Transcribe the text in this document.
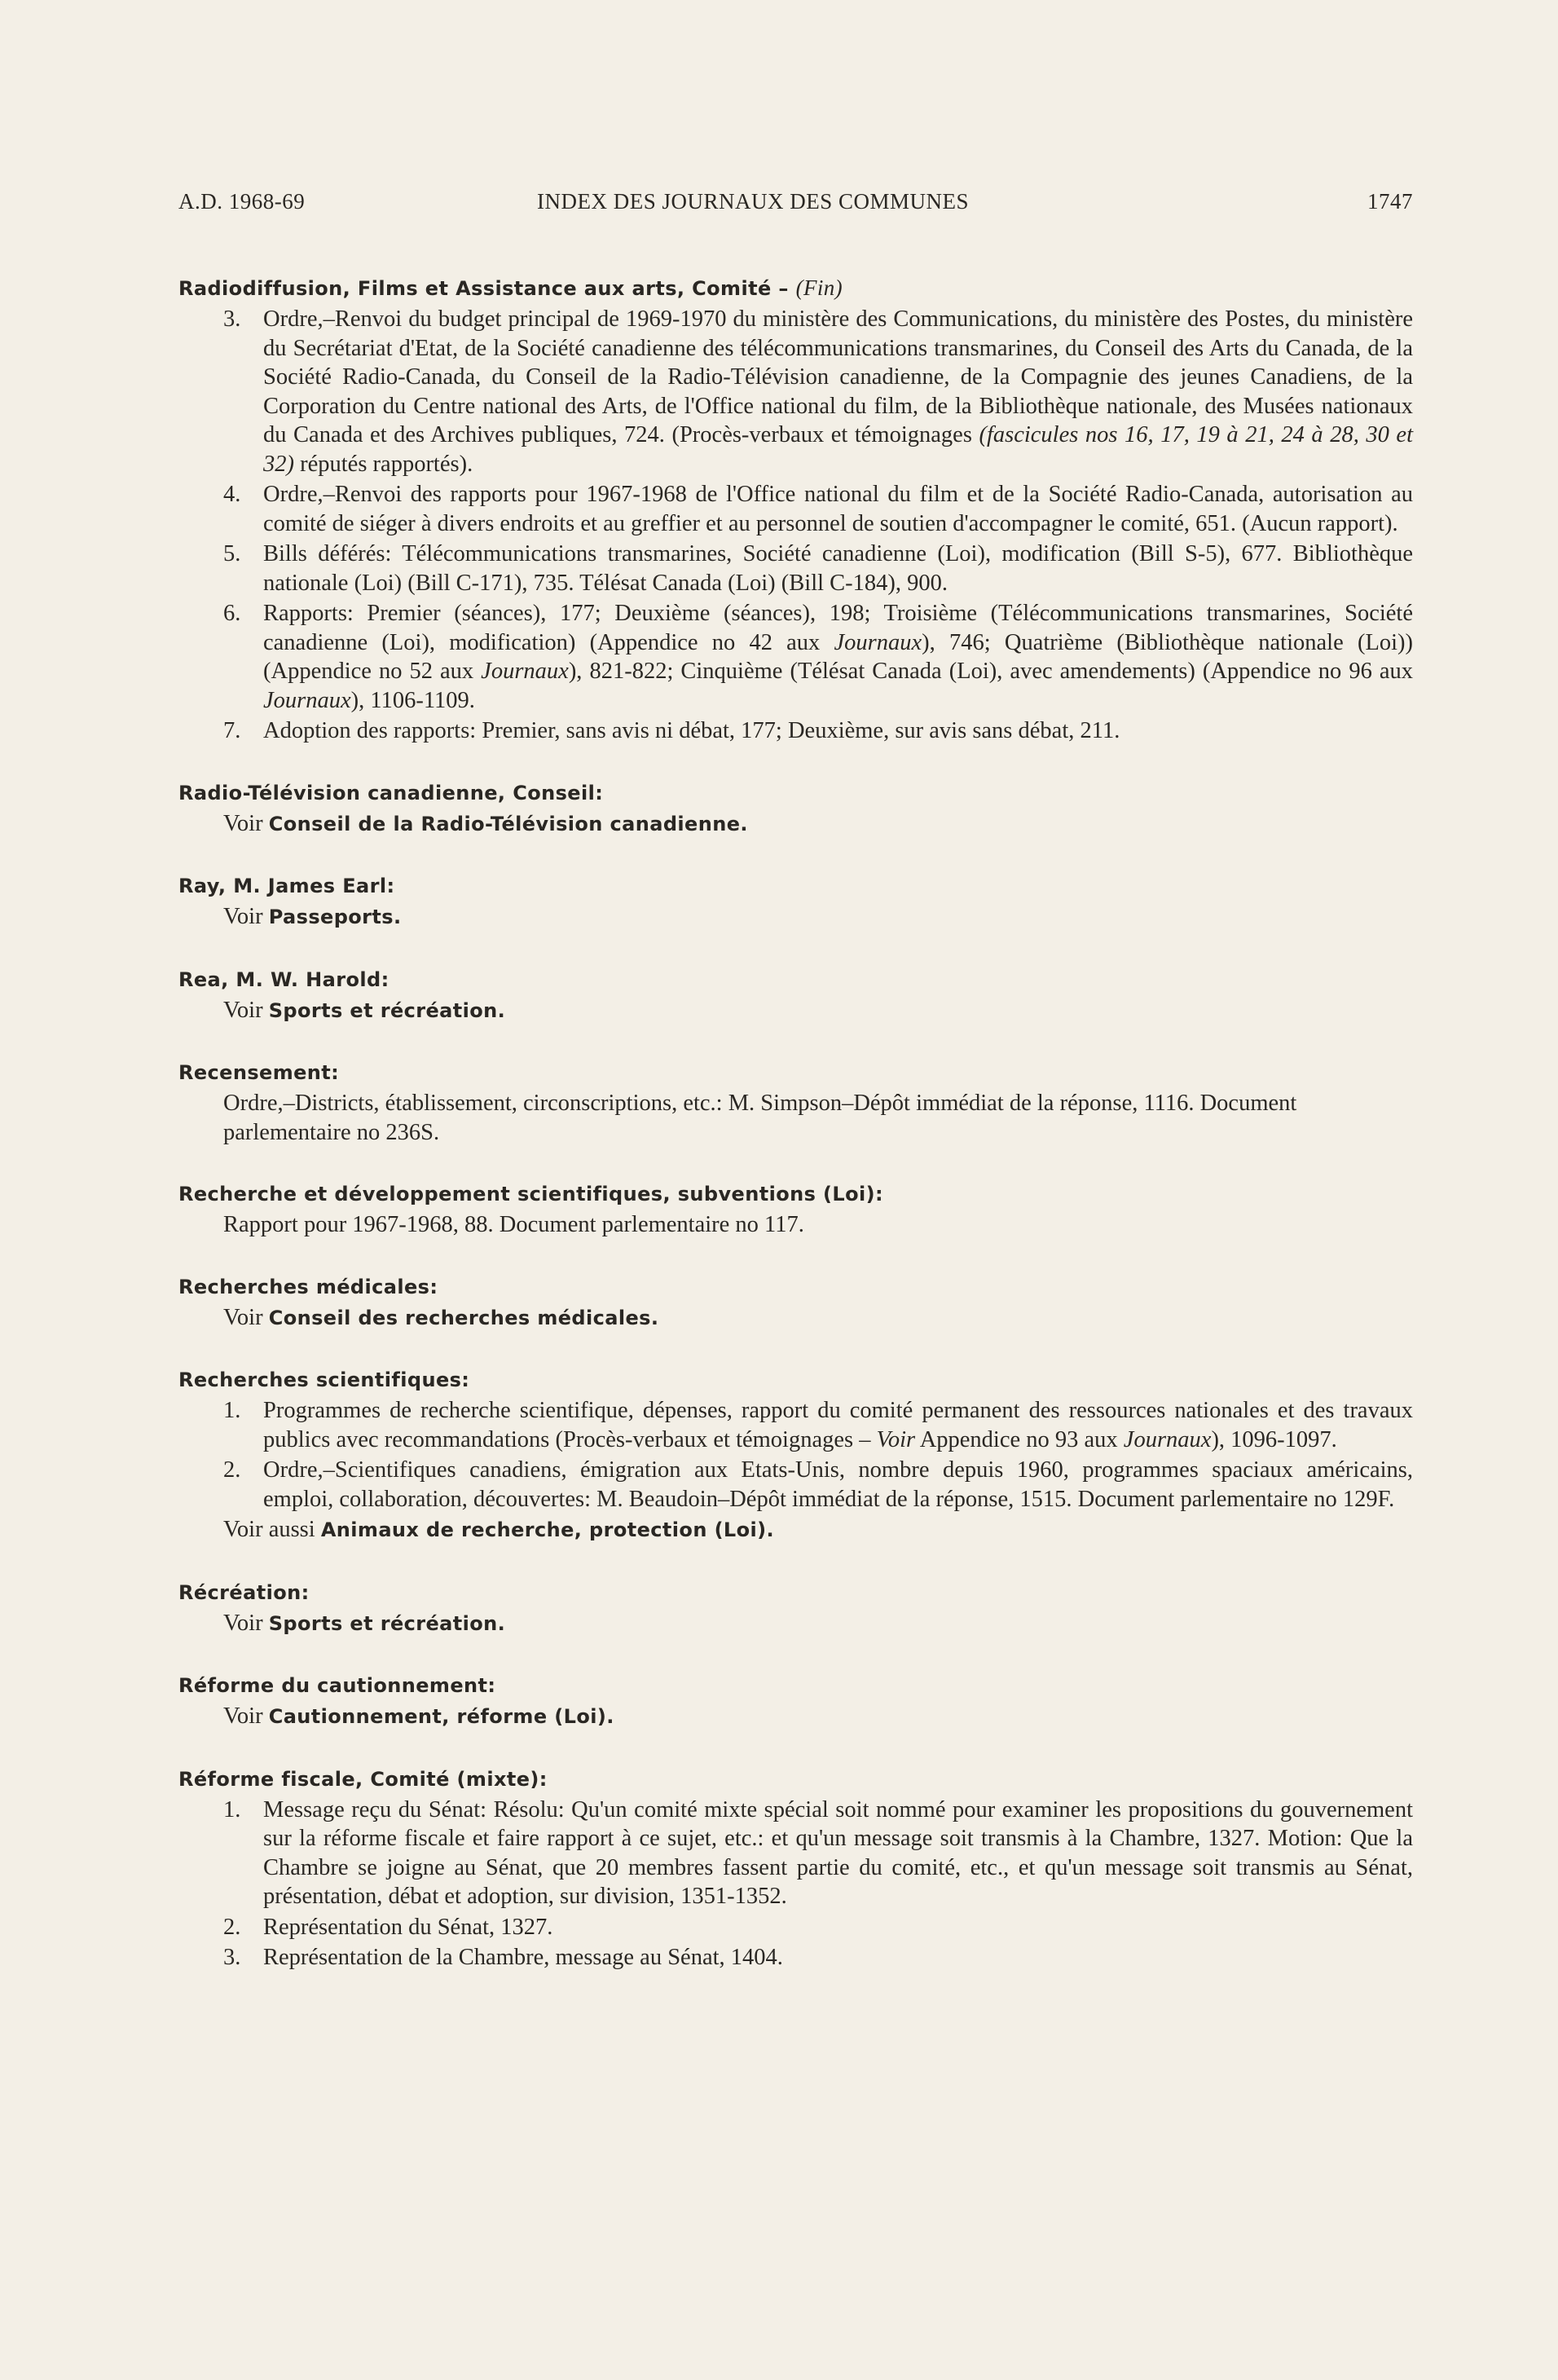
A.D. 1968-69	INDEX DES JOURNAUX DES COMMUNES	1747
Radiodiffusion, Films et Assistance aux arts, Comité – (Fin)
3. Ordre,–Renvoi du budget principal de 1969-1970 du ministère des Communications, du ministère des Postes, du ministère du Secrétariat d'Etat, de la Société canadienne des télécommunications transmarines, du Conseil des Arts du Canada, de la Société Radio-Canada, du Conseil de la Radio-Télévision canadienne, de la Compagnie des jeunes Canadiens, de la Corporation du Centre national des Arts, de l'Office national du film, de la Bibliothèque nationale, des Musées nationaux du Canada et des Archives publiques, 724. (Procès-verbaux et témoignages (fascicules nos 16, 17, 19 à 21, 24 à 28, 30 et 32) réputés rapportés).
4. Ordre,–Renvoi des rapports pour 1967-1968 de l'Office national du film et de la Société Radio-Canada, autorisation au comité de siéger à divers endroits et au greffier et au personnel de soutien d'accompagner le comité, 651. (Aucun rapport).
5. Bills déférés: Télécommunications transmarines, Société canadienne (Loi), modification (Bill S-5), 677. Bibliothèque nationale (Loi) (Bill C-171), 735. Télésat Canada (Loi) (Bill C-184), 900.
6. Rapports: Premier (séances), 177; Deuxième (séances), 198; Troisième (Télécommunications transmarines, Société canadienne (Loi), modification) (Appendice no 42 aux Journaux), 746; Quatrième (Bibliothèque nationale (Loi)) (Appendice no 52 aux Journaux), 821-822; Cinquième (Télésat Canada (Loi), avec amendements) (Appendice no 96 aux Journaux), 1106-1109.
7. Adoption des rapports: Premier, sans avis ni débat, 177; Deuxième, sur avis sans débat, 211.
Radio-Télévision canadienne, Conseil:
Voir Conseil de la Radio-Télévision canadienne.
Ray, M. James Earl:
Voir Passeports.
Rea, M. W. Harold:
Voir Sports et récréation.
Recensement:
Ordre,–Districts, établissement, circonscriptions, etc.: M. Simpson–Dépôt immédiat de la réponse, 1116. Document parlementaire no 236S.
Recherche et développement scientifiques, subventions (Loi):
Rapport pour 1967-1968, 88. Document parlementaire no 117.
Recherches médicales:
Voir Conseil des recherches médicales.
Recherches scientifiques:
1. Programmes de recherche scientifique, dépenses, rapport du comité permanent des ressources nationales et des travaux publics avec recommandations (Procès-verbaux et témoignages – Voir Appendice no 93 aux Journaux), 1096-1097.
2. Ordre,–Scientifiques canadiens, émigration aux Etats-Unis, nombre depuis 1960, programmes spaciaux américains, emploi, collaboration, découvertes: M. Beaudoin–Dépôt immédiat de la réponse, 1515. Document parlementaire no 129F.
Voir aussi Animaux de recherche, protection (Loi).
Récréation:
Voir Sports et récréation.
Réforme du cautionnement:
Voir Cautionnement, réforme (Loi).
Réforme fiscale, Comité (mixte):
1. Message reçu du Sénat: Résolu: Qu'un comité mixte spécial soit nommé pour examiner les propositions du gouvernement sur la réforme fiscale et faire rapport à ce sujet, etc.: et qu'un message soit transmis à la Chambre, 1327. Motion: Que la Chambre se joigne au Sénat, que 20 membres fassent partie du comité, etc., et qu'un message soit transmis au Sénat, présentation, débat et adoption, sur division, 1351-1352.
2. Représentation du Sénat, 1327.
3. Représentation de la Chambre, message au Sénat, 1404.
